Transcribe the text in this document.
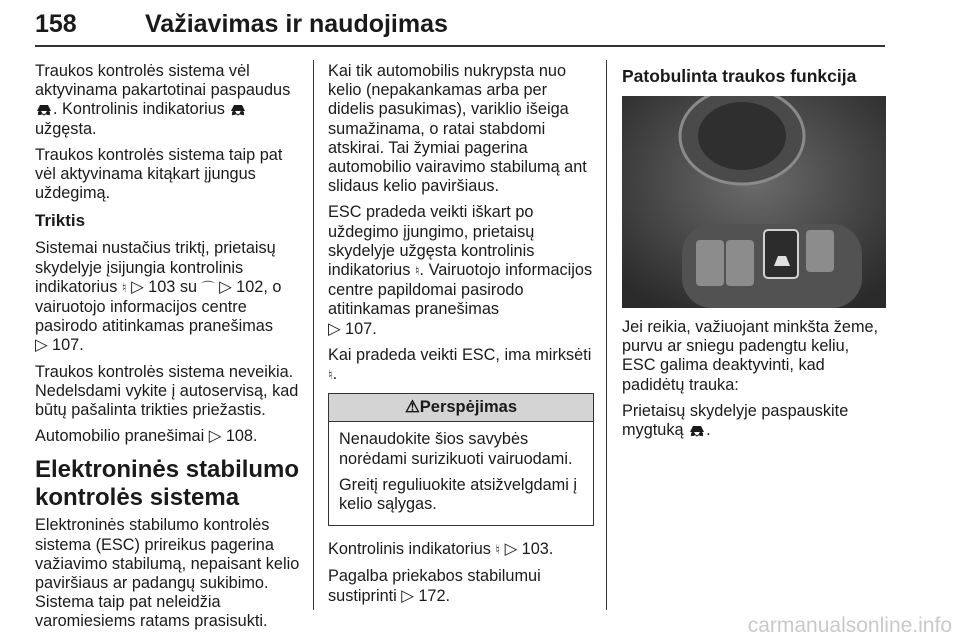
158	Važiavimas ir naudojimas

Traukos kontrolės sistema vėl aktyvinama pakartotinai paspaudus . Kontrolinis indikatorius  užgęsta.

Traukos kontrolės sistema taip pat vėl aktyvinama kitąkart įjungus uždegimą.

Triktis

Sistemai nustačius triktį, prietaisų skydelyje įsijungia kontrolinis indikatorius ♮ ▷ 103 su ⌒ ▷ 102, o vairuotojo informacijos centre pasirodo atitinkamas pranešimas
▷ 107.

Traukos kontrolės sistema neveikia. Nedelsdami vykite į autoservisą, kad būtų pašalinta trikties priežastis.

Automobilio pranešimai ▷ 108.

Elektroninės stabilumo kontrolės sistema

Elektroninės stabilumo kontrolės sistema (ESC) prireikus pagerina važiavimo stabilumą, nepaisant kelio paviršiaus ar padangų sukibimo. Sistema taip pat neleidžia varomiesiems ratams prasisukti.

Kai tik automobilis nukrypsta nuo kelio (nepakankamas arba per didelis pasukimas), variklio išeiga sumažinama, o ratai stabdomi atskirai. Tai žymiai pagerina automobilio vairavimo stabilumą ant slidaus kelio paviršiaus.

ESC pradeda veikti iškart po uždegimo įjungimo, prietaisų skydelyje užgęsta kontrolinis indikatorius ♮. Vairuotojo informacijos centre papildomai pasirodo atitinkamas pranešimas
▷ 107.

Kai pradeda veikti ESC, ima mirksėti
♮.

⚠Perspėjimas

Nenaudokite šios savybės norėdami surizikuoti vairuodami.

Greitį reguliuokite atsižvelgdami į kelio sąlygas.

Kontrolinis indikatorius ♮ ▷ 103.

Pagalba priekabos stabilumui sustiprinti ▷ 172.

Patobulinta traukos funkcija

Jei reikia, važiuojant minkšta žeme, purvu ar sniegu padengtu keliu, ESC galima deaktyvinti, kad padidėtų trauka:

Prietaisų skydelyje paspauskite mygtuką .

carmanualsonline.info
